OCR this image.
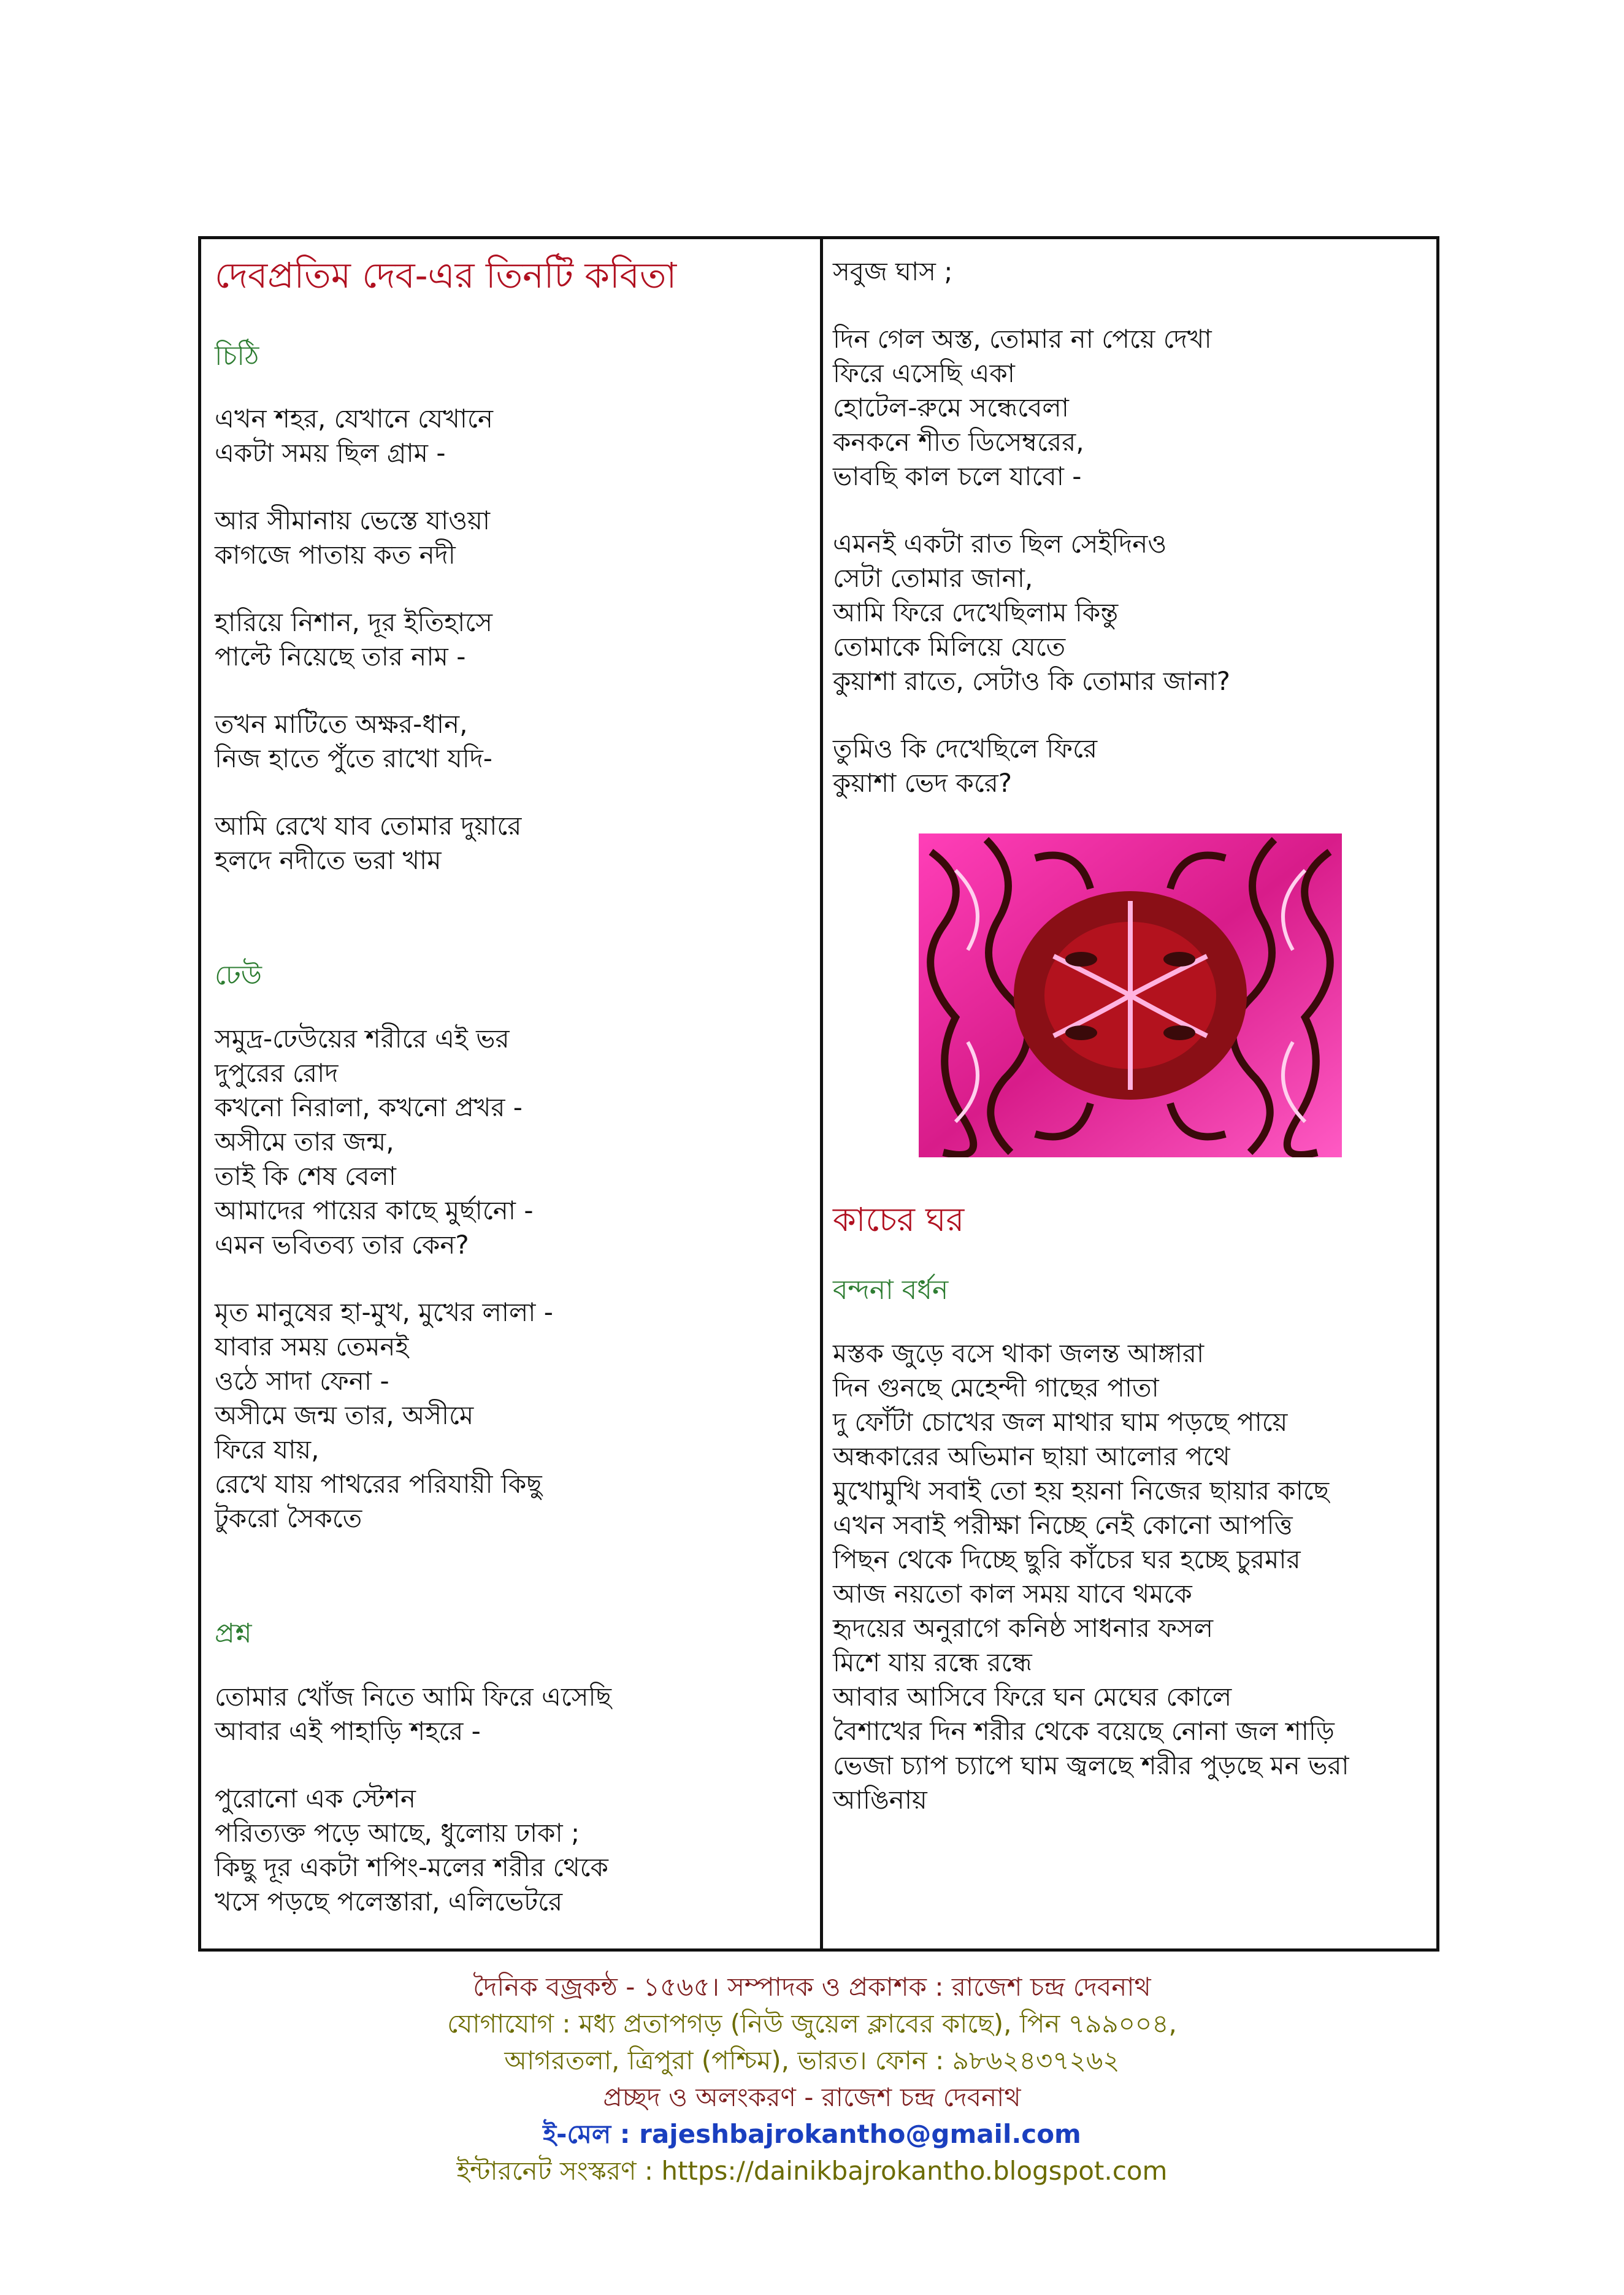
দেবপ্রতিম দেব-এর তিনটি কবিতা
চিঠি
এখন শহর, যেখানে যেখানে
একটা সময় ছিল গ্রাম -
আর সীমানায় ভেস্তে যাওয়া
কাগজে পাতায় কত নদী
হারিয়ে নিশান, দূর ইতিহাসে
পাল্টে নিয়েছে তার নাম -
তখন মাটিতে অক্ষর-ধান,
নিজ হাতে পুঁতে রাখো যদি-
আমি রেখে যাব তোমার দুয়ারে
হলদে নদীতে ভরা খাম
ঢেউ
সমুদ্র-ঢেউয়ের শরীরে এই ভর
দুপুরের রোদ
কখনো নিরালা, কখনো প্রখর -
অসীমে তার জন্ম,
তাই কি শেষ বেলা
আমাদের পায়ের কাছে মুর্ছানো -
এমন ভবিতব্য তার কেন?
মৃত মানুষের হা-মুখ, মুখের লালা -
যাবার সময় তেমনই
ওঠে সাদা ফেনা -
অসীমে জন্ম তার, অসীমে
ফিরে যায়,
রেখে যায় পাথরের পরিযায়ী কিছু
টুকরো সৈকতে
প্রশ্ন
তোমার খোঁজ নিতে আমি ফিরে এসেছি
আবার এই পাহাড়ি শহরে -
পুরোনো এক স্টেশন
পরিত্যক্ত পড়ে আছে, ধুলোয় ঢাকা ;
কিছু দূর একটা শপিং-মলের শরীর থেকে
খসে পড়ছে পলেস্তারা, এলিভেটরে
সবুজ ঘাস ;
দিন গেল অস্ত, তোমার না পেয়ে দেখা
ফিরে এসেছি একা
হোটেল-রুমে সন্ধেবেলা
কনকনে শীত ডিসেম্বরের,
ভাবছি কাল চলে যাবো -
এমনই একটা রাত ছিল সেইদিনও
সেটা তোমার জানা,
আমি ফিরে দেখেছিলাম কিন্তু
তোমাকে মিলিয়ে যেতে
কুয়াশা রাতে, সেটাও কি তোমার জানা?
তুমিও কি দেখেছিলে ফিরে
কুয়াশা ভেদ করে?
কাচের ঘর
বন্দনা বর্ধন
মস্তক জুড়ে বসে থাকা জলন্ত আঙ্গারা
দিন গুনছে মেহেন্দী গাছের পাতা
দু ফোঁটা চোখের জল মাথার ঘাম পড়ছে পায়ে
অন্ধকারের অভিমান ছায়া আলোর পথে
মুখোমুখি সবাই তো হয় হয়না নিজের ছায়ার কাছে
এখন সবাই পরীক্ষা নিচ্ছে নেই কোনো আপত্তি
পিছন থেকে দিচ্ছে ছুরি কাঁচের ঘর হচ্ছে চুরমার
আজ নয়তো কাল সময় যাবে থমকে
হৃদয়ের অনুরাগে কনিষ্ঠ সাধনার ফসল
মিশে যায় রন্ধে রন্ধে
আবার আসিবে ফিরে ঘন মেঘের কোলে
বৈশাখের দিন শরীর থেকে বয়েছে নোনা জল শাড়ি
ভেজা চ্যাপ চ্যাপে ঘাম জ্বলছে শরীর পুড়ছে মন ভরা
আঙিনায়
দৈনিক বজ্রকন্ঠ - ১৫৬৫। সম্পাদক ও প্রকাশক : রাজেশ চন্দ্র দেবনাথ
যোগাযোগ : মধ্য প্রতাপগড় (নিউ জুয়েল ক্লাবের কাছে), পিন ৭৯৯০০৪,
আগরতলা, ত্রিপুরা (পশ্চিম), ভারত। ফোন : ৯৮৬২৪৩৭২৬২
প্রচ্ছদ ও অলংকরণ - রাজেশ চন্দ্র দেবনাথ
ই-মেল : rajeshbajrokantho@gmail.com
ইন্টারনেট সংস্করণ : https://dainikbajrokantho.blogspot.com
